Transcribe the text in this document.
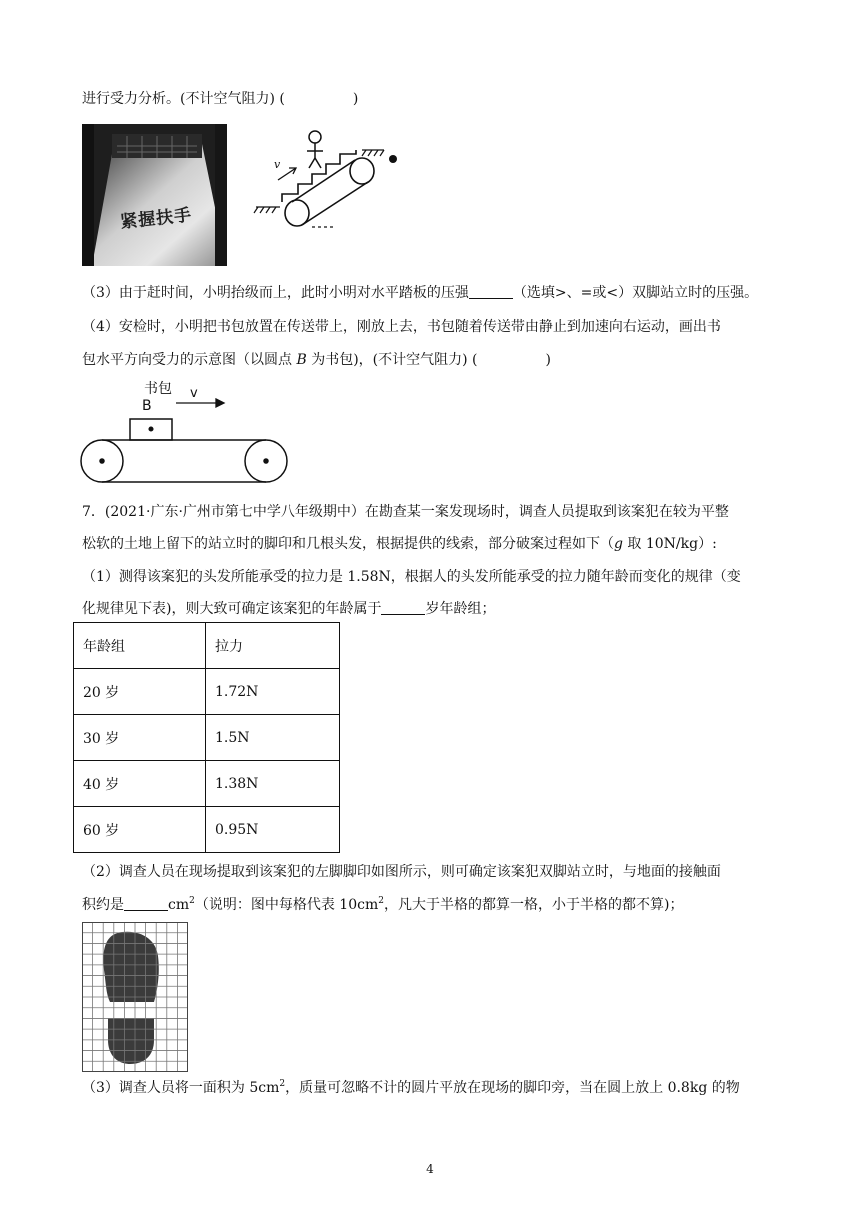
进行受力分析。(不计空气阻力) (	)
紧握扶手
v
（3）由于赶时间，小明抬级而上，此时小明对水平踏板的压强	（选填>、=或<）双脚站立时的压强。
（4）安检时，小明把书包放置在传送带上，刚放上去，书包随着传送带由静止到加速向右运动，画出书
包水平方向受力的示意图（以圆点 B 为书包)，(不计空气阻力) (	)
书包
B
v
7．(2021·广东·广州市第七中学八年级期中）在勘查某一案发现场时，调查人员提取到该案犯在较为平整
松软的土地上留下的站立时的脚印和几根头发，根据提供的线索，部分破案过程如下（g 取 10N/kg）:
（1）测得该案犯的头发所能承受的拉力是 1.58N，根据人的头发所能承受的拉力随年龄而变化的规律（变
化规律见下表)，则大致可确定该案犯的年龄属于	岁年龄组；
年龄组	拉力
20 岁	1.72N
30 岁	1.5N
40 岁	1.38N
60 岁	0.95N
（2）调查人员在现场提取到该案犯的左脚脚印如图所示，则可确定该案犯双脚站立时，与地面的接触面
积约是	$cm^2$（说明：图中每格代表 $10cm^2$，凡大于半格的都算一格，小于半格的都不算)；
（3）调查人员将一面积为 $5cm^2$，质量可忽略不计的圆片平放在现场的脚印旁，当在圆上放上 0.8kg 的物
4
